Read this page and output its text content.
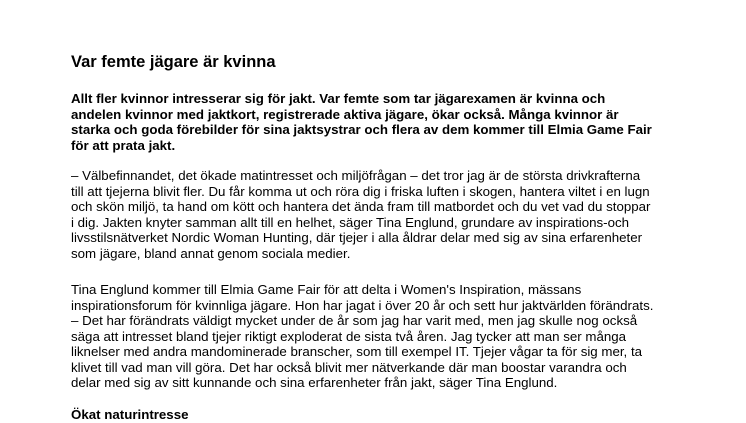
Var femte jägare är kvinna

Allt fler kvinnor intresserar sig för jakt. Var femte som tar jägarexamen är kvinna och
andelen kvinnor med jaktkort, registrerade aktiva jägare, ökar också. Många kvinnor är
starka och goda förebilder för sina jaktsystrar och flera av dem kommer till Elmia Game Fair
för att prata jakt.

– Välbefinnandet, det ökade matintresset och miljöfrågan – det tror jag är de största drivkrafterna
till att tjejerna blivit fler. Du får komma ut och röra dig i friska luften i skogen, hantera viltet i en lugn
och skön miljö, ta hand om kött och hantera det ända fram till matbordet och du vet vad du stoppar
i dig. Jakten knyter samman allt till en helhet, säger Tina Englund, grundare av inspirations-och
livsstilsnätverket Nordic Woman Hunting, där tjejer i alla åldrar delar med sig av sina erfarenheter
som jägare, bland annat genom sociala medier.

Tina Englund kommer till Elmia Game Fair för att delta i Women's Inspiration, mässans
inspirationsforum för kvinnliga jägare. Hon har jagat i över 20 år och sett hur jaktvärlden förändrats.
– Det har förändrats väldigt mycket under de år som jag har varit med, men jag skulle nog också
säga att intresset bland tjejer riktigt exploderat de sista två åren. Jag tycker att man ser många
liknelser med andra mandominerade branscher, som till exempel IT. Tjejer vågar ta för sig mer, ta
klivet till vad man vill göra. Det har också blivit mer nätverkande där man boostar varandra och
delar med sig av sitt kunnande och sina erfarenheter från jakt, säger Tina Englund.

Ökat naturintresse
